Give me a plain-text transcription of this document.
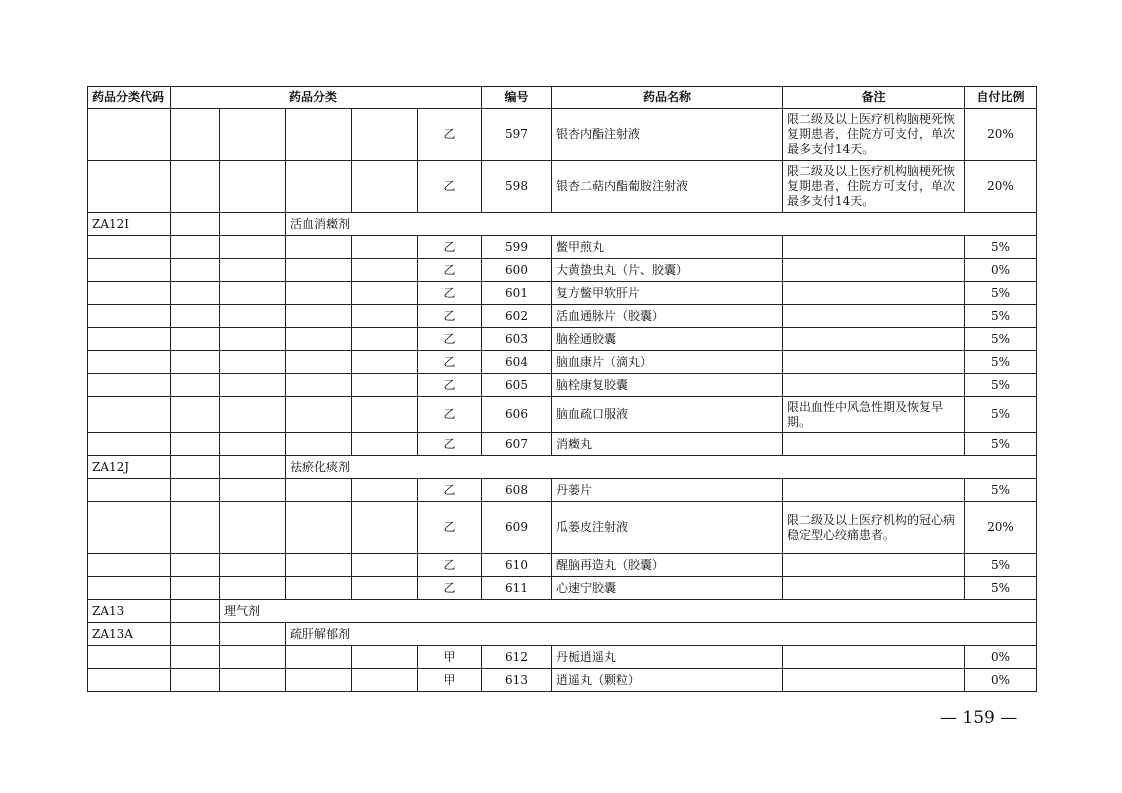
药品分类代码	药品分类					编号	药品名称	备注	自付比例
					乙	597	银杏内酯注射液	限二级及以上医疗机构脑梗死恢复期患者，住院方可支付，单次最多支付14天。	20%
					乙	598	银杏二萜内酯葡胺注射液	限二级及以上医疗机构脑梗死恢复期患者，住院方可支付，单次最多支付14天。	20%
ZA12I			活血消癥剂						
					乙	599	鳖甲煎丸		5%
					乙	600	大黄蛰虫丸（片、胶囊）		0%
					乙	601	复方鳖甲软肝片		5%
					乙	602	活血通脉片（胶囊）		5%
					乙	603	脑栓通胶囊		5%
					乙	604	脑血康片（滴丸）		5%
					乙	605	脑栓康复胶囊		5%
					乙	606	脑血疏口服液	限出血性中风急性期及恢复早期。	5%
					乙	607	消癥丸		5%
ZA12J			祛瘀化痰剂						
					乙	608	丹蒌片		5%
					乙	609	瓜蒌皮注射液	限二级及以上医疗机构的冠心病稳定型心绞痛患者。	20%
					乙	610	醒脑再造丸（胶囊）		5%
					乙	611	心速宁胶囊		5%
ZA13		理气剂							
ZA13A			疏肝解郁剂						
					甲	612	丹栀逍遥丸		0%
					甲	613	逍遥丸（颗粒）		0%
— 159 —
